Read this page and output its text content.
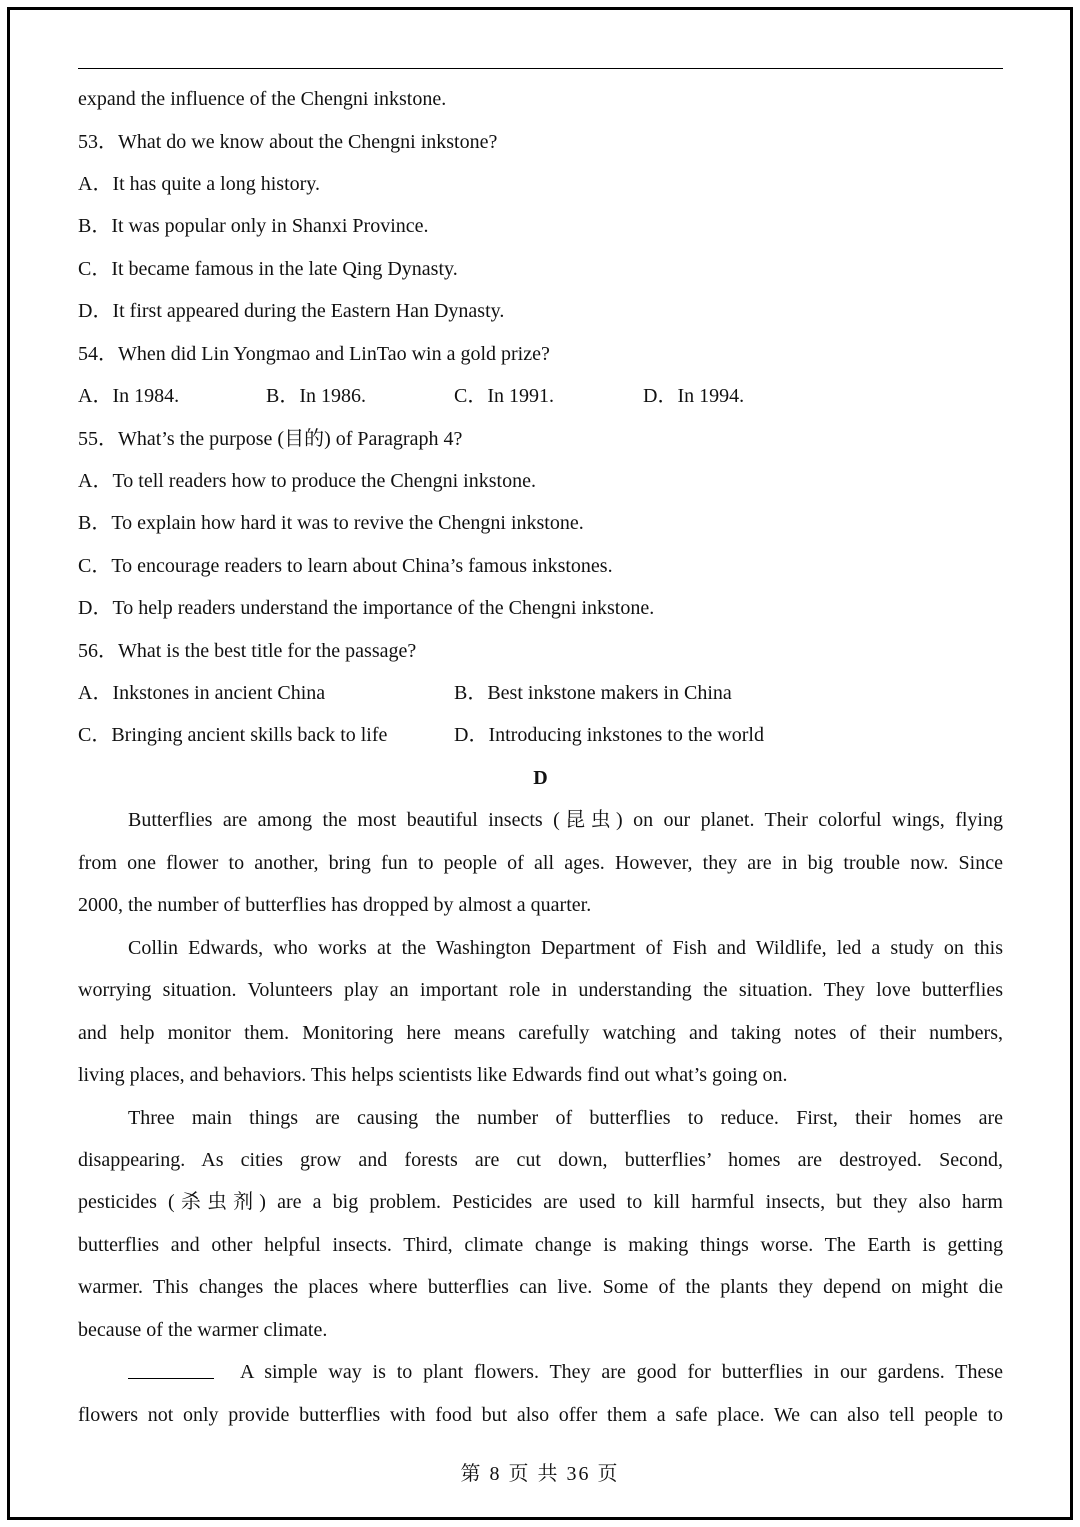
expand the influence of the Chengni inkstone.
53．What do we know about the Chengni inkstone?
A．It has quite a long history.
B．It was popular only in Shanxi Province.
C．It became famous in the late Qing Dynasty.
D．It first appeared during the Eastern Han Dynasty.
54．When did Lin Yongmao and LinTao win a gold prize?
A．In 1984.	B．In 1986.	C．In 1991.	D．In 1994.
55．What’s the purpose (目的) of Paragraph 4?
A．To tell readers how to produce the Chengni inkstone.
B．To explain how hard it was to revive the Chengni inkstone.
C．To encourage readers to learn about China’s famous inkstones.
D．To help readers understand the importance of the Chengni inkstone.
56．What is the best title for the passage?
A．Inkstones in ancient China	B．Best inkstone makers in China
C．Bringing ancient skills back to life	D．Introducing inkstones to the world
D
Butterflies are among the most beautiful insects (昆虫) on our planet. Their colorful wings, flying
from one flower to another, bring fun to people of all ages. However, they are in big trouble now. Since
2000, the number of butterflies has dropped by almost a quarter.
Collin Edwards, who works at the Washington Department of Fish and Wildlife, led a study on this
worrying situation. Volunteers play an important role in understanding the situation. They love butterflies
and help monitor them. Monitoring here means carefully watching and taking notes of their numbers,
living places, and behaviors. This helps scientists like Edwards find out what’s going on.
Three main things are causing the number of butterflies to reduce. First, their homes are
disappearing. As cities grow and forests are cut down, butterflies’ homes are destroyed. Second,
pesticides (杀虫剂) are a big problem. Pesticides are used to kill harmful insects, but they also harm
butterflies and other helpful insects. Third, climate change is making things worse. The Earth is getting
warmer. This changes the places where butterflies can live. Some of the plants they depend on might die
because of the warmer climate.
A simple way is to plant flowers. They are good for butterflies in our gardens. These
flowers not only provide butterflies with food but also offer them a safe place. We can also tell people to
第 8 页 共 36 页
